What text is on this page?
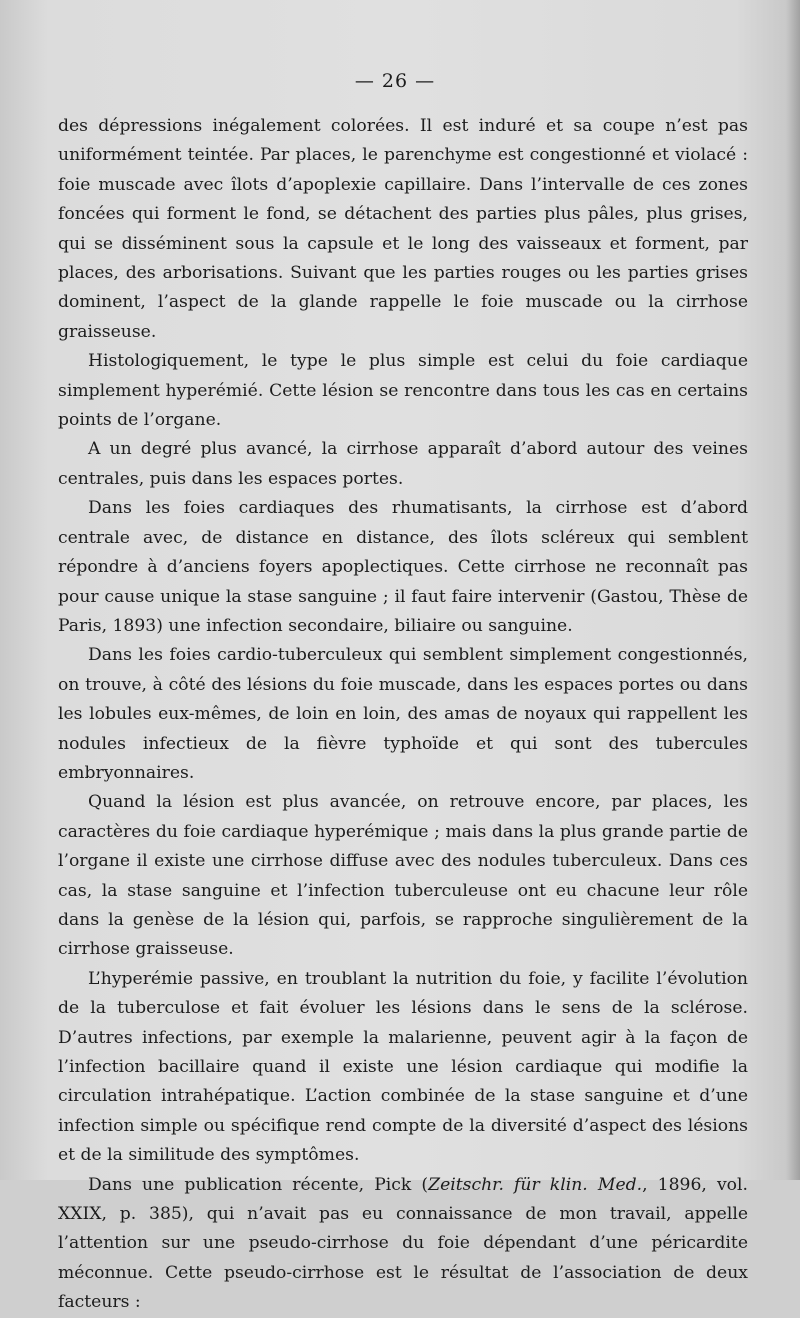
— 26 —

des dépressions inégalement colorées. Il est induré et sa coupe n’est pas uniformément teintée. Par places, le parenchyme est congestionné et violacé : foie muscade avec îlots d’apoplexie capillaire. Dans l’intervalle de ces zones foncées qui forment le fond, se détachent des parties plus pâles, plus grises, qui se disséminent sous la capsule et le long des vaisseaux et forment, par places, des arborisations. Suivant que les parties rouges ou les parties grises dominent, l’aspect de la glande rappelle le foie muscade ou la cirrhose graisseuse.

Histologiquement, le type le plus simple est celui du foie cardiaque simplement hyperémié. Cette lésion se rencontre dans tous les cas en certains points de l’organe.

A un degré plus avancé, la cirrhose apparaît d’abord autour des veines centrales, puis dans les espaces portes.

Dans les foies cardiaques des rhumatisants, la cirrhose est d’abord centrale avec, de distance en distance, des îlots scléreux qui semblent répondre à d’anciens foyers apoplectiques. Cette cirrhose ne reconnaît pas pour cause unique la stase sanguine ; il faut faire intervenir (Gastou, Thèse de Paris, 1893) une infection secondaire, biliaire ou sanguine.

Dans les foies cardio-tuberculeux qui semblent simplement congestionnés, on trouve, à côté des lésions du foie muscade, dans les espaces portes ou dans les lobules eux-mêmes, de loin en loin, des amas de noyaux qui rappellent les nodules infectieux de la fièvre typhoïde et qui sont des tubercules embryonnaires.

Quand la lésion est plus avancée, on retrouve encore, par places, les caractères du foie cardiaque hyperémique ; mais dans la plus grande partie de l’organe il existe une cirrhose diffuse avec des nodules tuberculeux. Dans ces cas, la stase sanguine et l’infection tuberculeuse ont eu chacune leur rôle dans la genèse de la lésion qui, parfois, se rapproche singulièrement de la cirrhose graisseuse.

L’hyperémie passive, en troublant la nutrition du foie, y facilite l’évolution de la tuberculose et fait évoluer les lésions dans le sens de la sclérose. D’autres infections, par exemple la malarienne, peuvent agir à la façon de l’infection bacillaire quand il existe une lésion cardiaque qui modifie la circulation intrahépatique. L’action combinée de la stase sanguine et d’une infection simple ou spécifique rend compte de la diversité d’aspect des lésions et de la similitude des symptômes.

Dans une publication récente, Pick (Zeitschr. für klin. Med., 1896, vol. XXIX, p. 385), qui n’avait pas eu connaissance de mon travail, appelle l’attention sur une pseudo-cirrhose du foie dépendant d’une péricardite méconnue. Cette pseudo-cirrhose est le résultat de l’association de deux facteurs :
